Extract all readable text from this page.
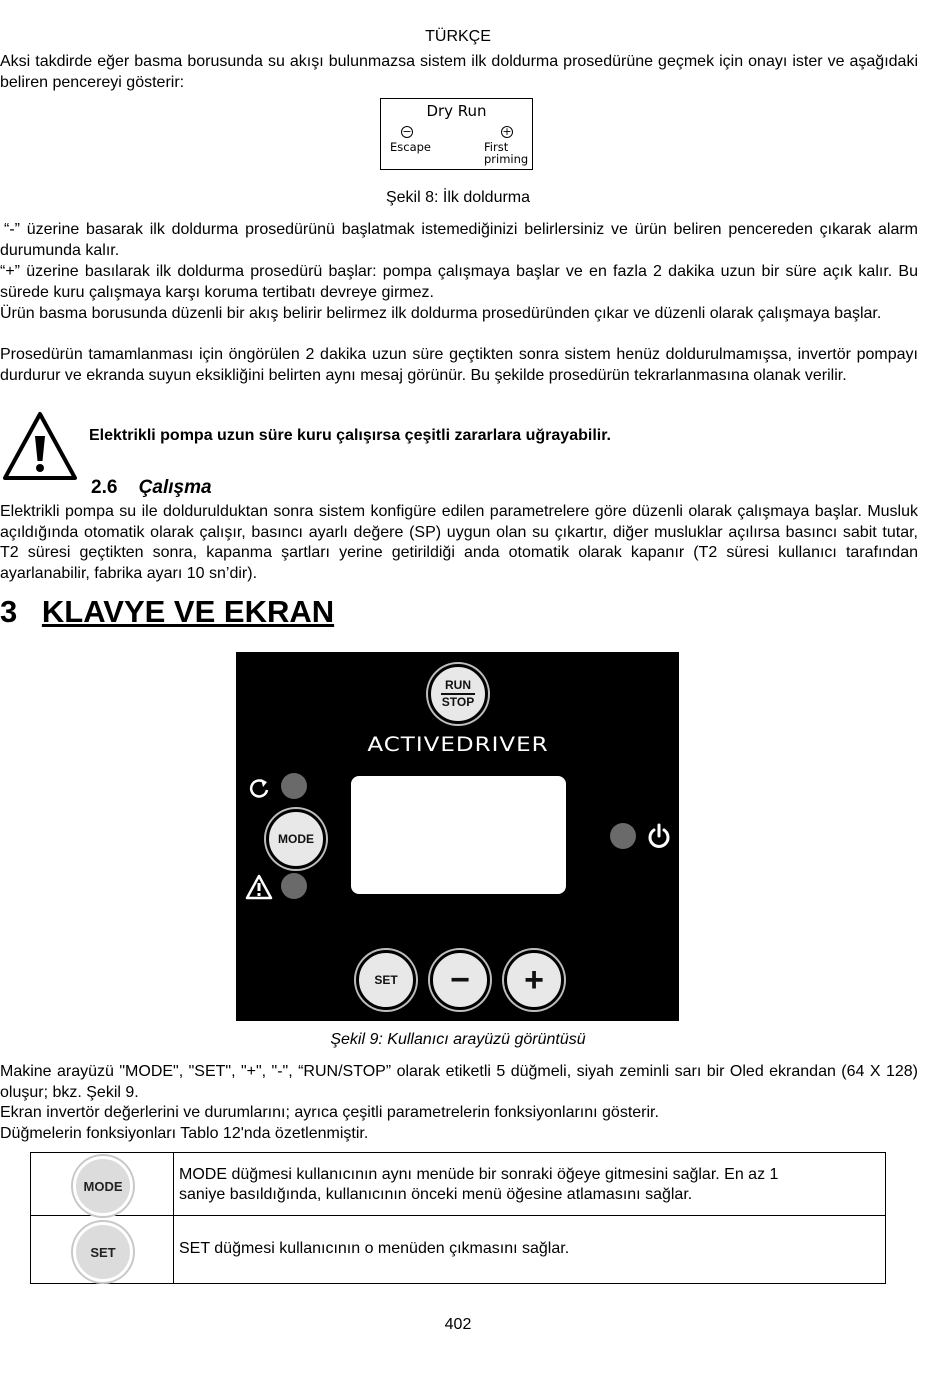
TÜRKÇE
Aksi takdirde eğer basma borusunda su akışı bulunmazsa sistem ilk doldurma prosedürüne geçmek için onayı ister ve aşağıdaki beliren pencereyi gösterir:
Dry Run
−
Escape
+
First
priming
Şekil 8: İlk doldurma
“-” üzerine basarak ilk doldurma prosedürünü başlatmak istemediğinizi belirlersiniz ve ürün beliren pencereden çıkarak alarm durumunda kalır.
“+” üzerine basılarak ilk doldurma prosedürü başlar: pompa çalışmaya başlar ve en fazla 2 dakika uzun bir süre açık kalır. Bu sürede kuru çalışmaya karşı koruma tertibatı devreye girmez.
Ürün basma borusunda düzenli bir akış belirir belirmez ilk doldurma prosedüründen çıkar ve düzenli olarak çalışmaya başlar.
Prosedürün tamamlanması için öngörülen 2 dakika uzun süre geçtikten sonra sistem henüz doldurulmamışsa, invertör pompayı durdurur ve ekranda suyun eksikliğini belirten aynı mesaj görünür. Bu şekilde prosedürün tekrarlanmasına olanak verilir.
Elektrikli pompa uzun süre kuru çalışırsa çeşitli zararlara uğrayabilir.
2.6 Çalışma
Elektrikli pompa su ile doldurulduktan sonra sistem konfigüre edilen parametrelere göre düzenli olarak çalışmaya başlar. Musluk açıldığında otomatik olarak çalışır, basıncı ayarlı değere (SP) uygun olan su çıkartır, diğer musluklar açılırsa basıncı sabit tutar, T2 süresi geçtikten sonra, kapanma şartları yerine getirildiği anda otomatik olarak kapanır (T2 süresi kullanıcı tarafından ayarlanabilir, fabrika ayarı 10 sn’dir).
3 KLAVYE VE EKRAN
RUN
STOP
ACTIVEDRIVER
MODE
SET − +
Şekil 9: Kullanıcı arayüzü görüntüsü
Makine arayüzü "MODE", "SET", "+", "-", “RUN/STOP” olarak etiketli 5 düğmeli, siyah zeminli sarı bir Oled ekrandan (64 X 128) oluşur; bkz. Şekil 9.
Ekran invertör değerlerini ve durumlarını; ayrıca çeşitli parametrelerin fonksiyonlarını gösterir.
Düğmelerin fonksiyonları Tablo 12'nda özetlenmiştir.
MODE
MODE düğmesi kullanıcının aynı menüde bir sonraki öğeye gitmesini sağlar. En az 1
saniye basıldığında, kullanıcının önceki menü öğesine atlamasını sağlar.
SET	SET düğmesi kullanıcının o menüden çıkmasını sağlar.
402
